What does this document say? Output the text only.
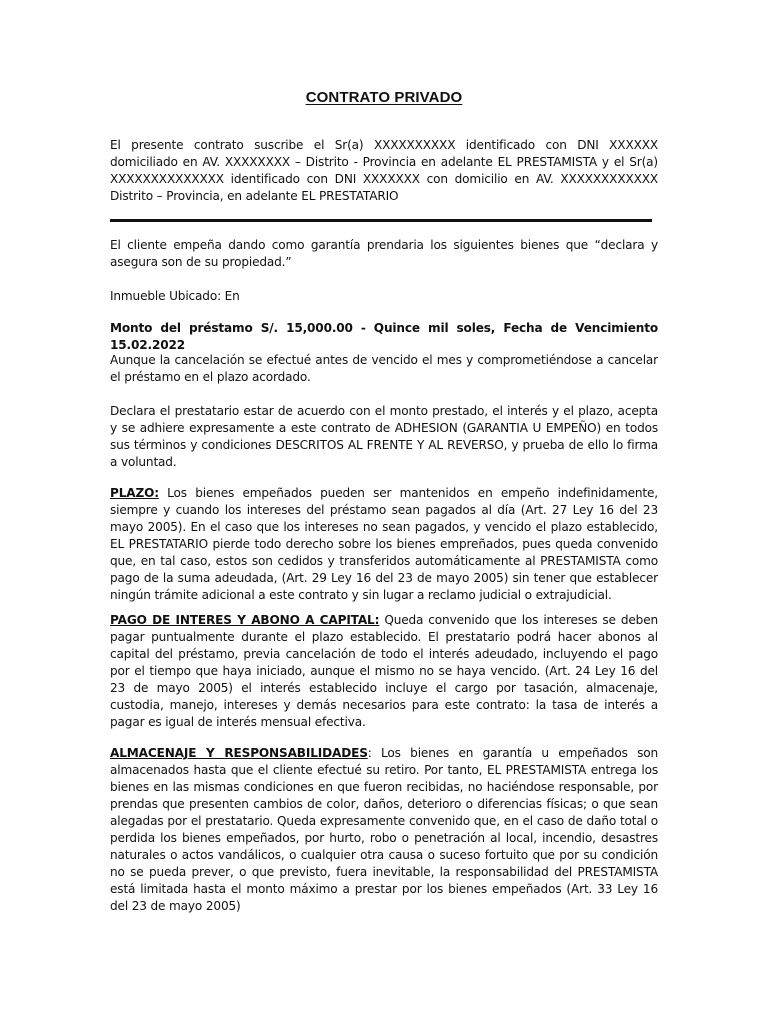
CONTRATO PRIVADO
El presente contrato suscribe el Sr(a) XXXXXXXXXX identificado con DNI XXXXXX domiciliado en AV. XXXXXXXX – Distrito - Provincia en adelante EL PRESTAMISTA y el Sr(a) XXXXXXXXXXXXXX identificado con DNI XXXXXXX con domicilio en AV. XXXXXXXXXXXX Distrito – Provincia, en adelante EL PRESTATARIO
El cliente empeña dando como garantía prendaria los siguientes bienes que “declara y asegura son de su propiedad.”
Inmueble Ubicado: En
Monto del préstamo S/. 15,000.00 - Quince mil soles, Fecha de Vencimiento 15.02.2022
Aunque la cancelación se efectué antes de vencido el mes y comprometiéndose a cancelar el préstamo en el plazo acordado.
Declara el prestatario estar de acuerdo con el monto prestado, el interés y el plazo, acepta y se adhiere expresamente a este contrato de ADHESION (GARANTIA U EMPEÑO) en todos sus términos y condiciones DESCRITOS AL FRENTE Y AL REVERSO, y prueba de ello lo firma a voluntad.
PLAZO: Los bienes empeñados pueden ser mantenidos en empeño indefinidamente, siempre y cuando los intereses del préstamo sean pagados al día (Art. 27 Ley 16 del 23 mayo 2005). En el caso que los intereses no sean pagados, y vencido el plazo establecido, EL PRESTATARIO pierde todo derecho sobre los bienes empreñados, pues queda convenido que, en tal caso, estos son cedidos y transferidos automáticamente al PRESTAMISTA como pago de la suma adeudada, (Art. 29 Ley 16 del 23 de mayo 2005) sin tener que establecer ningún trámite adicional a este contrato y sin lugar a reclamo judicial o extrajudicial.
PAGO DE INTERES Y ABONO A CAPITAL: Queda convenido que los intereses se deben pagar puntualmente durante el plazo establecido. El prestatario podrá hacer abonos al capital del préstamo, previa cancelación de todo el interés adeudado, incluyendo el pago por el tiempo que haya iniciado, aunque el mismo no se haya vencido. (Art. 24 Ley 16 del 23 de mayo 2005) el interés establecido incluye el cargo por tasación, almacenaje, custodia, manejo, intereses y demás necesarios para este contrato: la tasa de interés a pagar es igual de interés mensual efectiva.
ALMACENAJE Y RESPONSABILIDADES: Los bienes en garantía u empeñados son almacenados hasta que el cliente efectué su retiro. Por tanto, EL PRESTAMISTA entrega los bienes en las mismas condiciones en que fueron recibidas, no haciéndose responsable, por prendas que presenten cambios de color, daños, deterioro o diferencias físicas; o que sean alegadas por el prestatario. Queda expresamente convenido que, en el caso de daño total o perdida los bienes empeñados, por hurto, robo o penetración al local, incendio, desastres naturales o actos vandálicos, o cualquier otra causa o suceso fortuito que por su condición no se pueda prever, o que previsto, fuera inevitable, la responsabilidad del PRESTAMISTA está limitada hasta el monto máximo a prestar por los bienes empeñados (Art. 33 Ley 16 del 23 de mayo 2005)
